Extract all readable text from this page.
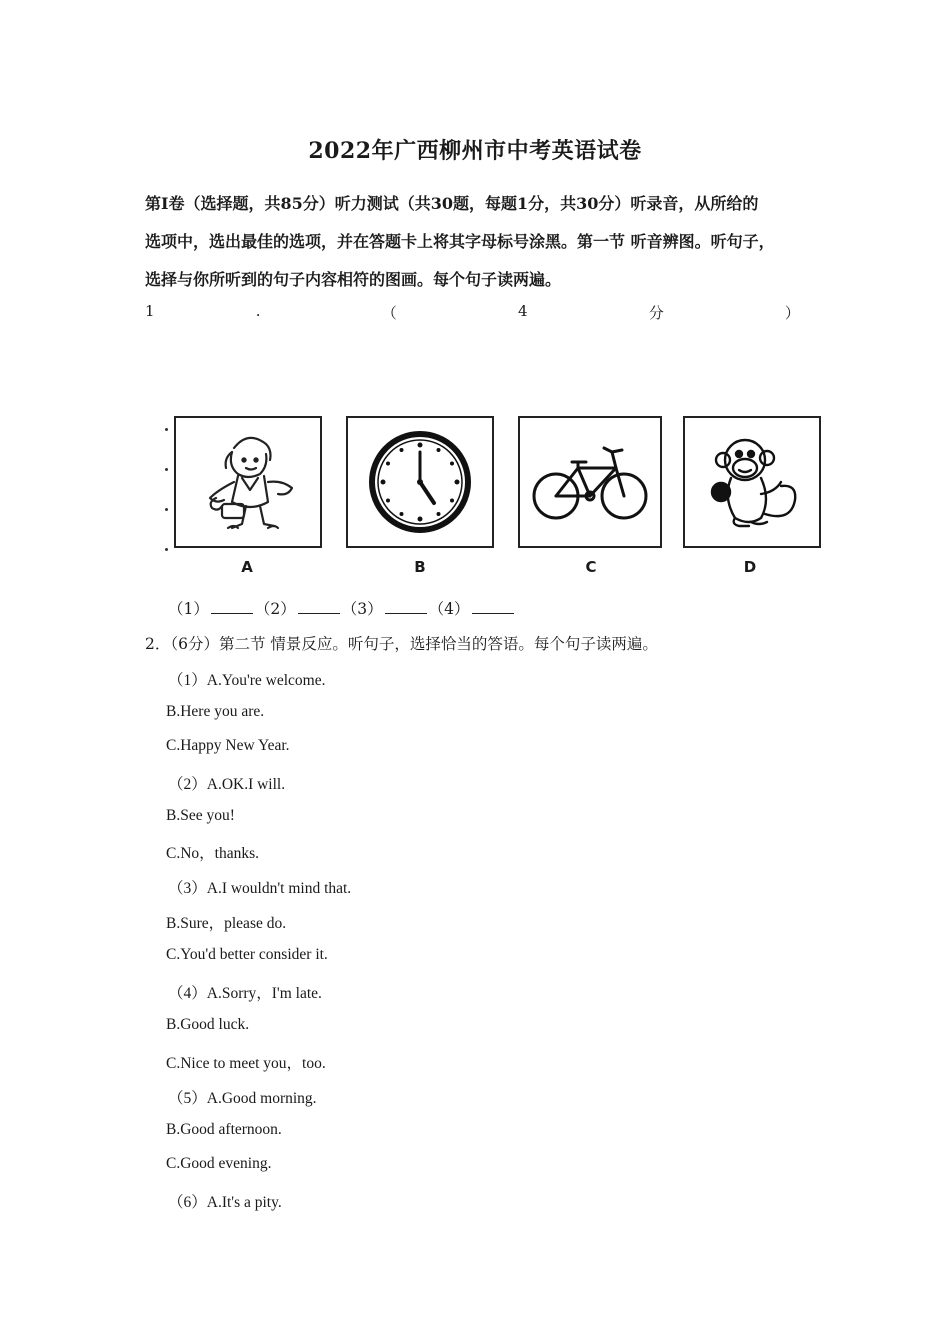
2022年广西柳州市中考英语试卷
第Ⅰ卷（选择题，共85分）听力测试（共30题，每题1分，共30分）听录音，从所给的
选项中，选出最佳的选项，并在答题卡上将其字母标号涂黑。第一节 听音辨图。听句子，
选择与你所听到的句子内容相符的图画。每个句子读两遍。
1	.	（	4	分	）
A	B	C	D
（1）	（2）	（3）	（4）
2．（6分）第二节 情景反应。听句子，选择恰当的答语。每个句子读两遍。
（1）A.You're welcome.
B.Here you are.
C.Happy New Year.
（2）A.OK.I will.
B.See you!
C.No，thanks.
（3）A.I wouldn't mind that.
B.Sure，please do.
C.You'd better consider it.
（4）A.Sorry，I'm late.
B.Good luck.
C.Nice to meet you，too.
（5）A.Good morning.
B.Good afternoon.
C.Good evening.
（6）A.It's a pity.
